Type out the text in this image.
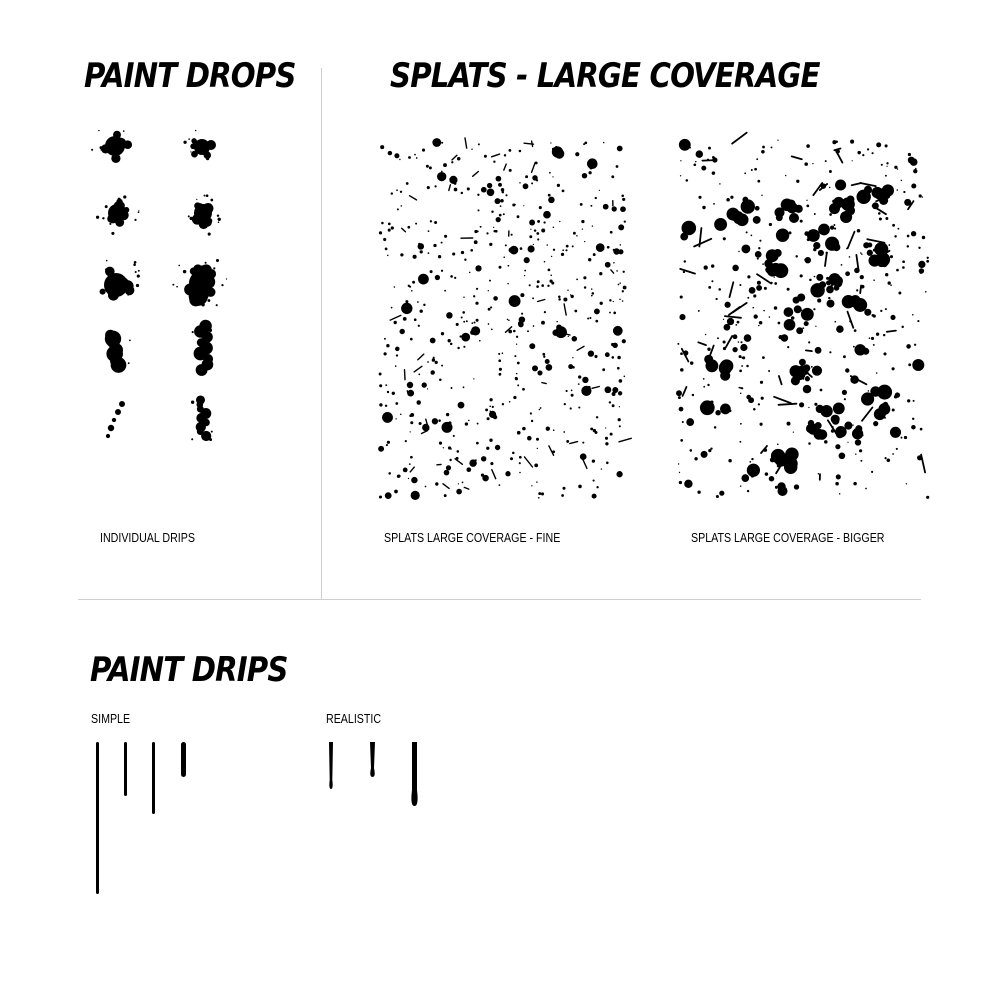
PAINT DROPS	SPLATS - LARGE COVERAGE
PAINT DRIPS
INDIVIDUAL DRIPS	SPLATS LARGE COVERAGE - FINE	SPLATS LARGE COVERAGE - BIGGER
SIMPLE	REALISTIC
